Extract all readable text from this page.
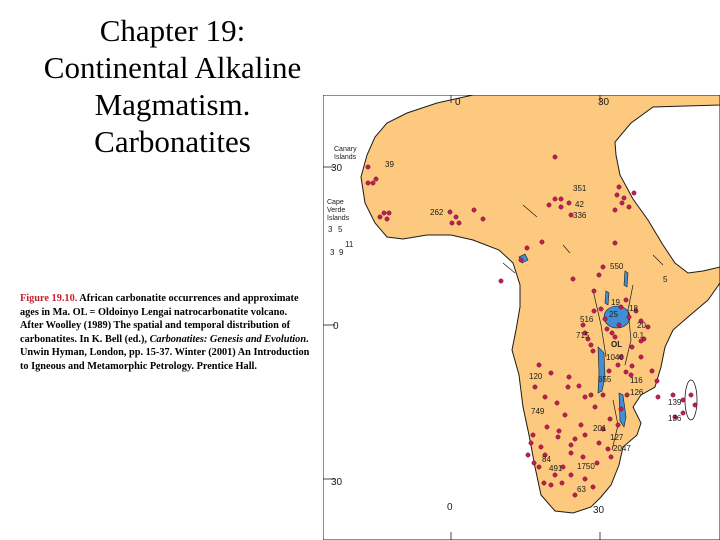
Chapter 19:
Continental Alkaline
Magmatism.
Carbonatites
Figure 19.10. African carbonatite occurrences and approximate ages in Ma. OL = Oldoinyo Lengai natrocarbonatite volcano. After Woolley (1989) The spatial and temporal distribution of carbonatites. In K. Bell (ed.), Carbonatites: Genesis and Evolution. Unwin Hyman, London, pp. 15-37. Winter (2001) An Introduction to Igneous and Metamorphic Petrology. Prentice Hall.
30
0
30
0	30
0	30
Canary
Islands
Cape
Verde
Islands
OL
39
262
42
336
351
550
5
19
18
25
20
0.1
516
715
1040
120	655 116
126
139
749
136
201
127
2047
84
491 1750
63
11
3 9
3 5
